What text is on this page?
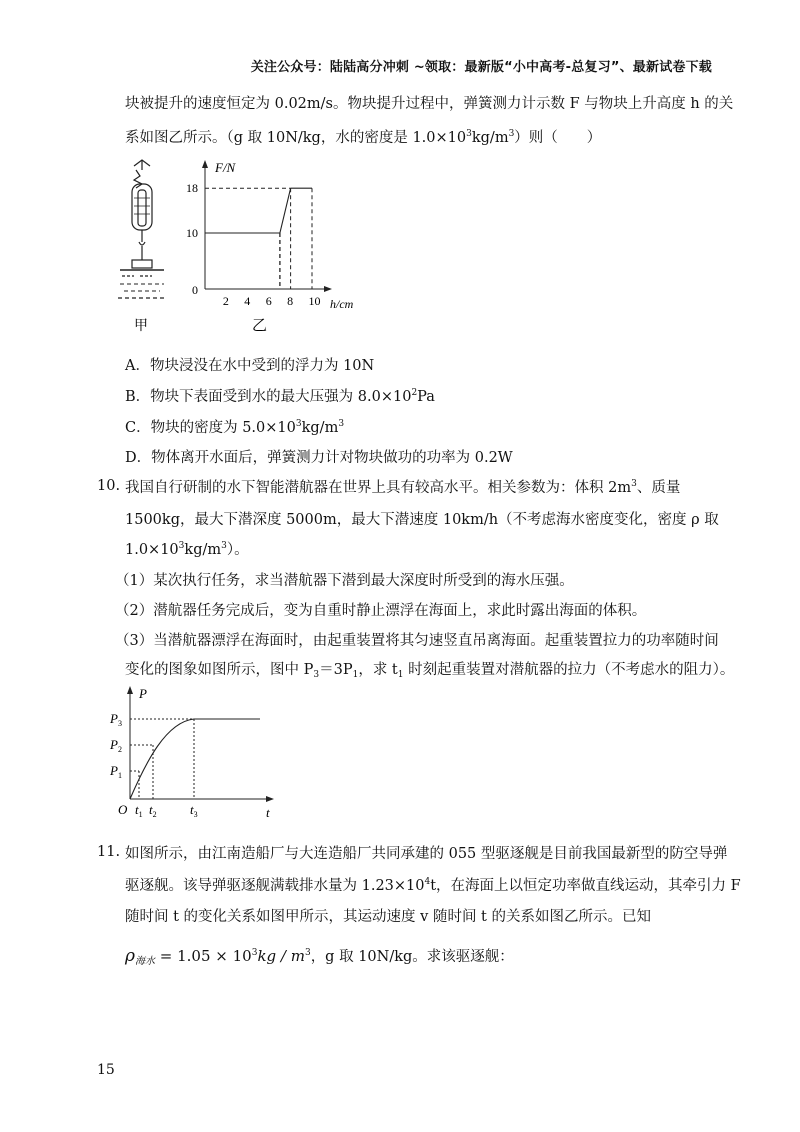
关注公众号：陆陆高分冲刺 ~领取：最新版“小中高考-总复习”、最新试卷下载
块被提升的速度恒定为 0.02m/s。物块提升过程中，弹簧测力计示数 F 与物块上升高度 h 的关
系如图乙所示。（g 取 10N/kg，水的密度是 $1.0\times 10^3kg/m^3$）则（　　）
甲
F/N
h/cm
2 4 6 8 10
0
10
18
乙
A．物块浸没在水中受到的浮力为 10N
B．物块下表面受到水的最大压强为 $8.0\times 10^2Pa$
C．物块的密度为 $5.0\times 10^3kg/m^3$
D．物体离开水面后，弹簧测力计对物块做功的功率为 0.2W
10. 我国自行研制的水下智能潜航器在世界上具有较高水平。相关参数为：体积 $2m^3$、质量
1500kg，最大下潜深度 5000m，最大下潜速度 10km/h（不考虑海水密度变化，密度 ρ 取
$1.0\times 10^3kg/m^3$）。
（1）某次执行任务，求当潜航器下潜到最大深度时所受到的海水压强。
（2）潜航器任务完成后，变为自重时静止漂浮在海面上，求此时露出海面的体积。
（3）当潜航器漂浮在海面时，由起重装置将其匀速竖直吊离海面。起重装置拉力的功率随时间
变化的图象如图所示，图中 $P_3=3P_1$，求 $t_1$ 时刻起重装置对潜航器的拉力（不考虑水的阻力）。
P
t
O
$P_1$
$P_2$
$P_3$
$t_1$ $t_2$	$t_3$
11. 如图所示，由江南造船厂与大连造船厂共同承建的 055 型驱逐舰是目前我国最新型的防空导弹
驱逐舰。该导弹驱逐舰满载排水量为 $1.23\times 10^4t$，在海面上以恒定功率做直线运动，其牵引力 F
随时间 t 的变化关系如图甲所示，其运动速度 v 随时间 t 的关系如图乙所示。已知
$\rho_{海水} = 1.05 \times 10^3kg / m^3$，g 取 10N/kg。求该驱逐舰：
15
